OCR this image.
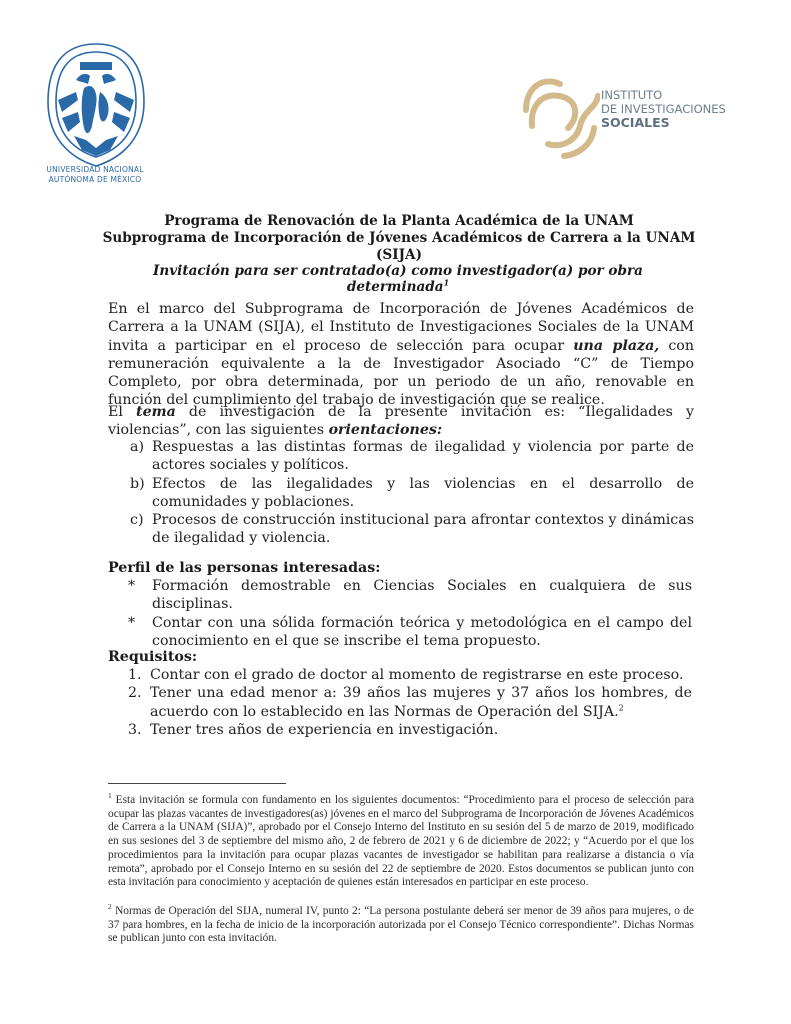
UNIVERSIDAD NACIONAL
AUTÓNOMA DE MÉXICO
INSTITUTO
DE INVESTIGACIONES
SOCIALES
Programa de Renovación de la Planta Académica de la UNAM
Subprograma de Incorporación de Jóvenes Académicos de Carrera a la UNAM (SIJA)
Invitación para ser contratado(a) como investigador(a) por obra determinada$^1$
En el marco del Subprograma de Incorporación de Jóvenes Académicos de Carrera a la UNAM (SIJA), el Instituto de Investigaciones Sociales de la UNAM invita a participar en el proceso de selección para ocupar una plaza, con remuneración equivalente a la de Investigador Asociado “C” de Tiempo Completo, por obra determinada, por un periodo de un año, renovable en función del cumplimiento del trabajo de investigación que se realice.
El tema de investigación de la presente invitación es: “Ilegalidades y violencias”, con las siguientes orientaciones:
a) Respuestas a las distintas formas de ilegalidad y violencia por parte de actores sociales y políticos.
b) Efectos de las ilegalidades y las violencias en el desarrollo de comunidades y poblaciones.
c) Procesos de construcción institucional para afrontar contextos y dinámicas de ilegalidad y violencia.
Perfil de las personas interesadas:
* Formación demostrable en Ciencias Sociales en cualquiera de sus disciplinas.
* Contar con una sólida formación teórica y metodológica en el campo del conocimiento en el que se inscribe el tema propuesto.
Requisitos:
1. Contar con el grado de doctor al momento de registrarse en este proceso.
2. Tener una edad menor a: 39 años las mujeres y 37 años los hombres, de acuerdo con lo establecido en las Normas de Operación del SIJA.$^2$
3. Tener tres años de experiencia en investigación.
$^1$ Esta invitación se formula con fundamento en los siguientes documentos: “Procedimiento para el proceso de selección para ocupar las plazas vacantes de investigadores(as) jóvenes en el marco del Subprograma de Incorporación de Jóvenes Académicos de Carrera a la UNAM (SIJA)”, aprobado por el Consejo Interno del Instituto en su sesión del 5 de marzo de 2019, modificado en sus sesiones del 3 de septiembre del mismo año, 2 de febrero de 2021 y 6 de diciembre de 2022; y “Acuerdo por el que los procedimientos para la invitación para ocupar plazas vacantes de investigador se habilitan para realizarse a distancia o vía remota”, aprobado por el Consejo Interno en su sesión del 22 de septiembre de 2020. Estos documentos se publican junto con esta invitación para conocimiento y aceptación de quienes están interesados en participar en este proceso.
$^2$ Normas de Operación del SIJA, numeral IV, punto 2: “La persona postulante deberá ser menor de 39 años para mujeres, o de 37 para hombres, en la fecha de inicio de la incorporación autorizada por el Consejo Técnico correspondiente”. Dichas Normas se publican junto con esta invitación.
